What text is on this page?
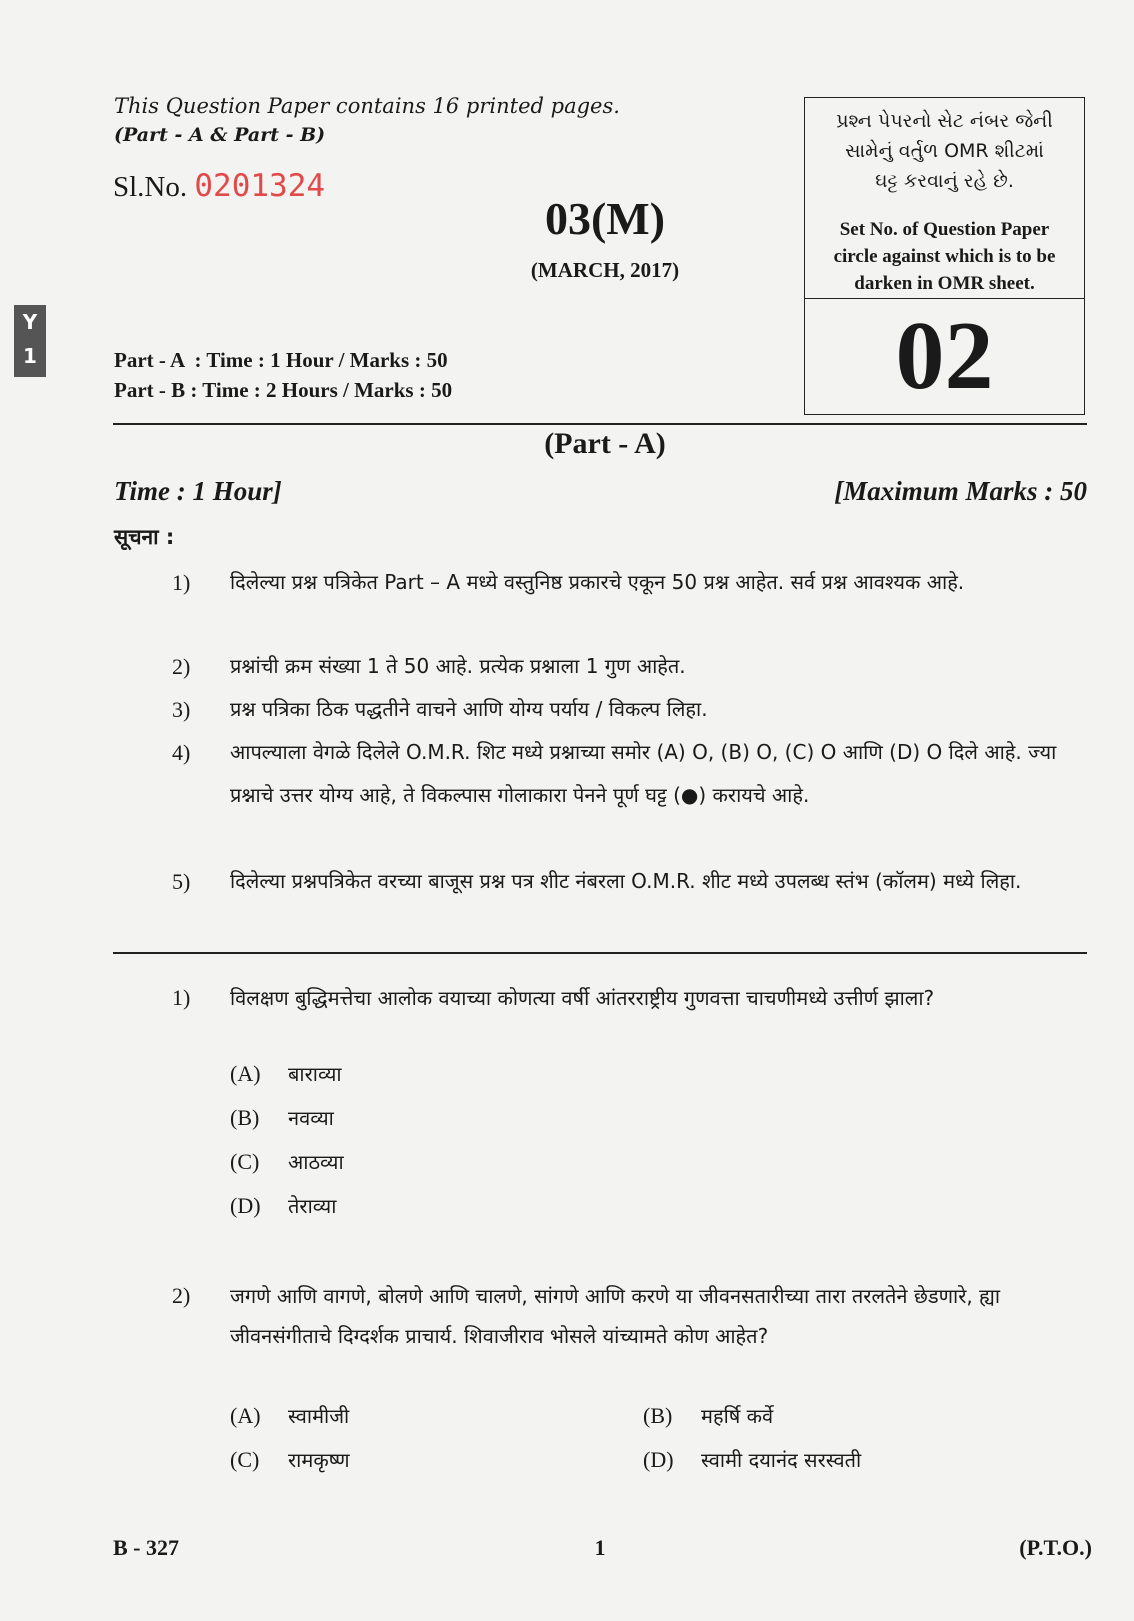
Y
1
This Question Paper contains 16 printed pages.
(Part - A & Part - B)
Sl.No. 0201324
03(M)
(MARCH, 2017)
પ્રશ્ન પેપરનો સેટ નંબર જેની
સામેનું વર્તુળ OMR શીટમાં
ઘટ્ટ કરવાનું રહે છે.
Set No. of Question Paper
circle against which is to be
darken in OMR sheet.
02
Part - A  : Time : 1 Hour / Marks : 50
Part - B : Time : 2 Hours / Marks : 50
(Part - A)
Time : 1 Hour]	[Maximum Marks : 50
सूचना :
1)	दिलेल्या प्रश्न पत्रिकेत Part – A मध्ये वस्तुनिष्ठ प्रकारचे एकून 50 प्रश्न आहेत. सर्व प्रश्न आवश्यक आहे.
2)	प्रश्नांची क्रम संख्या 1 ते 50 आहे. प्रत्येक प्रश्नाला 1 गुण आहेत.
3)	प्रश्न पत्रिका ठिक पद्धतीने वाचने आणि योग्य पर्याय / विकल्प लिहा.
4)	आपल्याला वेगळे दिलेले O.M.R. शिट मध्ये प्रश्नाच्या समोर (A) O, (B) O, (C) O आणि (D) O दिले आहे. ज्या प्रश्नाचे उत्तर योग्य आहे, ते विकल्पास गोलाकारा पेनने पूर्ण घट्ट (●) करायचे आहे.
5)	दिलेल्या प्रश्नपत्रिकेत वरच्या बाजूस प्रश्न पत्र शीट नंबरला O.M.R. शीट मध्ये उपलब्ध स्तंभ (कॉलम) मध्ये लिहा.
1) विलक्षण बुद्धिमत्तेचा आलोक वयाच्या कोणत्या वर्षी आंतरराष्ट्रीय गुणवत्ता चाचणीमध्ये उत्तीर्ण झाला?
(A) बाराव्या
(B) नवव्या
(C) आठव्या
(D) तेराव्या
2) जगणे आणि वागणे, बोलणे आणि चालणे, सांगणे आणि करणे या जीवनसतारीच्या तारा तरलतेने छेडणारे, ह्या जीवनसंगीताचे दिग्दर्शक प्राचार्य. शिवाजीराव भोसले यांच्यामते कोण आहेत?
(A) स्वामीजी	(B) महर्षि कर्वे
(C) रामकृष्ण	(D) स्वामी दयानंद सरस्वती
B - 327	1	(P.T.O.)
